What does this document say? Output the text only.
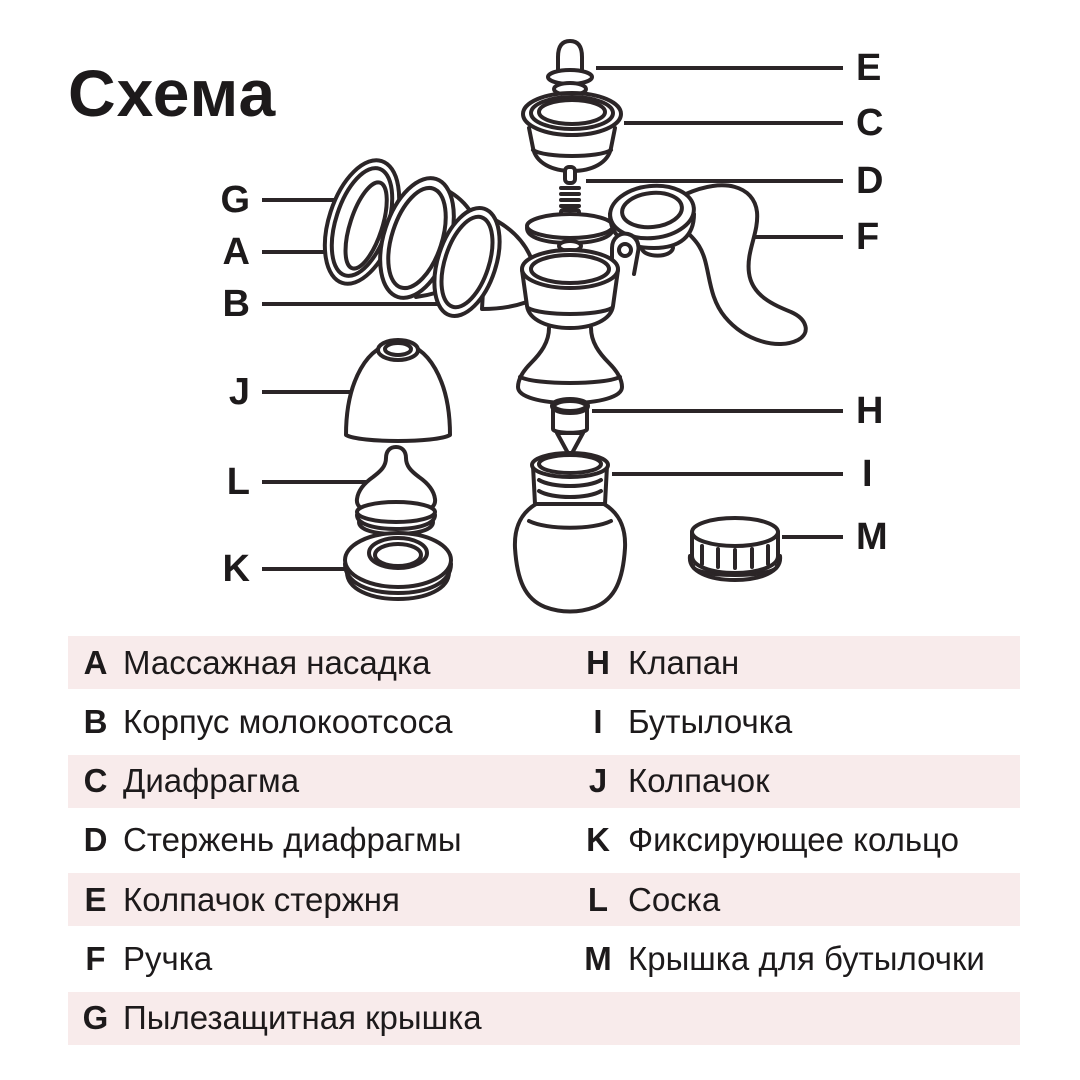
Схема	E
C
D
F
G
A
B
J
L
K
H
I
M
A Массажная насадка	H Клапан
B Корпус молокоотсоса	I Бутылочка
C Диафрагма	J Колпачок
D Стержень диафрагмы	K Фиксирующее кольцо
E Колпачок стержня	L Соска
F Ручка	M Крышка для бутылочки
G Пылезащитная крышка
